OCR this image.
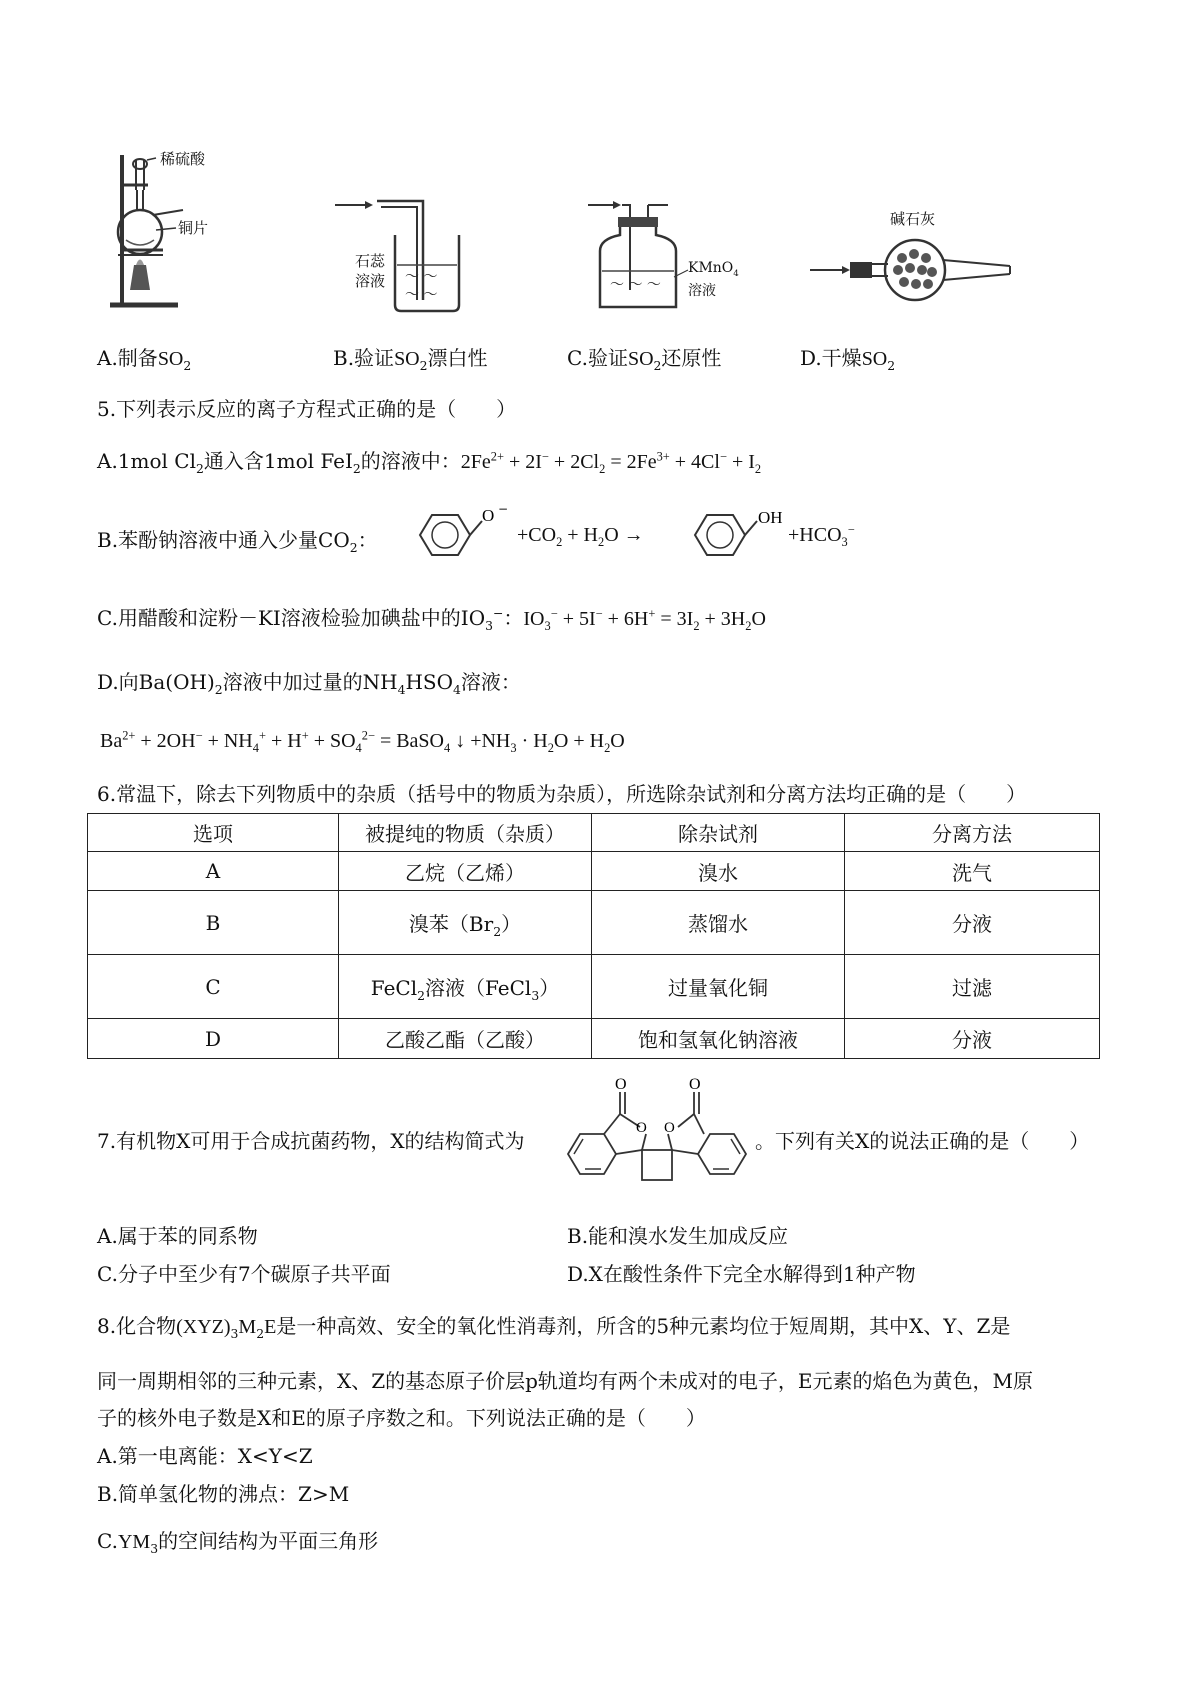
稀硫酸
铜片
～ ～
～ ～
石蕊
溶液	～ ～ ～
KMnO$_4$
溶液
碱石灰
A.制备$SO_2$	B.验证$SO_2$漂白性	C.验证$SO_2$还原性	D.干燥$SO_2$
5.下列表示反应的离子方程式正确的是（　　）
A.1mol $Cl_2$通入含1mol FeI$_2$的溶液中：$2Fe^{2+} + 2I^- + 2Cl_2 = 2Fe^{3+} + 4Cl^- + I_2$
B.苯酚钠溶液中通入少量$CO_2$：
O −
$+CO_2 + H_2O$ →
OH
$+HCO_3^-$
C.用醋酸和淀粉－KI溶液检验加碘盐中的$IO_3^-$：$IO_3^- + 5I^- + 6H^+ = 3I_2 + 3H_2O$
D.向$Ba(OH)_2$溶液中加过量的$NH_4HSO_4$溶液：
$Ba^{2+} + 2OH^- + NH_4^+ + H^+ + SO_4^{2-}$ = BaSO$_4$ ↓ $+NH_3 \cdot H_2O + H_2O$
6.常温下，除去下列物质中的杂质（括号中的物质为杂质），所选除杂试剂和分离方法均正确的是（　　）
选项	被提纯的物质（杂质）	除杂试剂	分离方法
A	乙烷（乙烯）	溴水	洗气
B	溴苯$(Br_2)$	蒸馏水	分液
C	FeCl$_2$溶液（FeCl$_3$）	过量氧化铜	过滤
D	乙酸乙酯（乙酸）	饱和氢氧化钠溶液	分液
7.有机物X可用于合成抗菌药物，X的结构简式为
O
O O
O
。下列有关X的说法正确的是（　　）
A.属于苯的同系物	B.能和溴水发生加成反应
C.分子中至少有7个碳原子共平面	D.X在酸性条件下完全水解得到1种产物
8.化合物$(XYZ)_3M_2E$是一种高效、安全的氧化性消毒剂，所含的5种元素均位于短周期，其中X、Y、Z是
同一周期相邻的三种元素，X、Z的基态原子价层p轨道均有两个未成对的电子，E元素的焰色为黄色，M原
子的核外电子数是X和E的原子序数之和。下列说法正确的是（　　）
A.第一电离能：X<Y<Z
B.简单氢化物的沸点：Z>M
$C.YM_3$的空间结构为平面三角形
